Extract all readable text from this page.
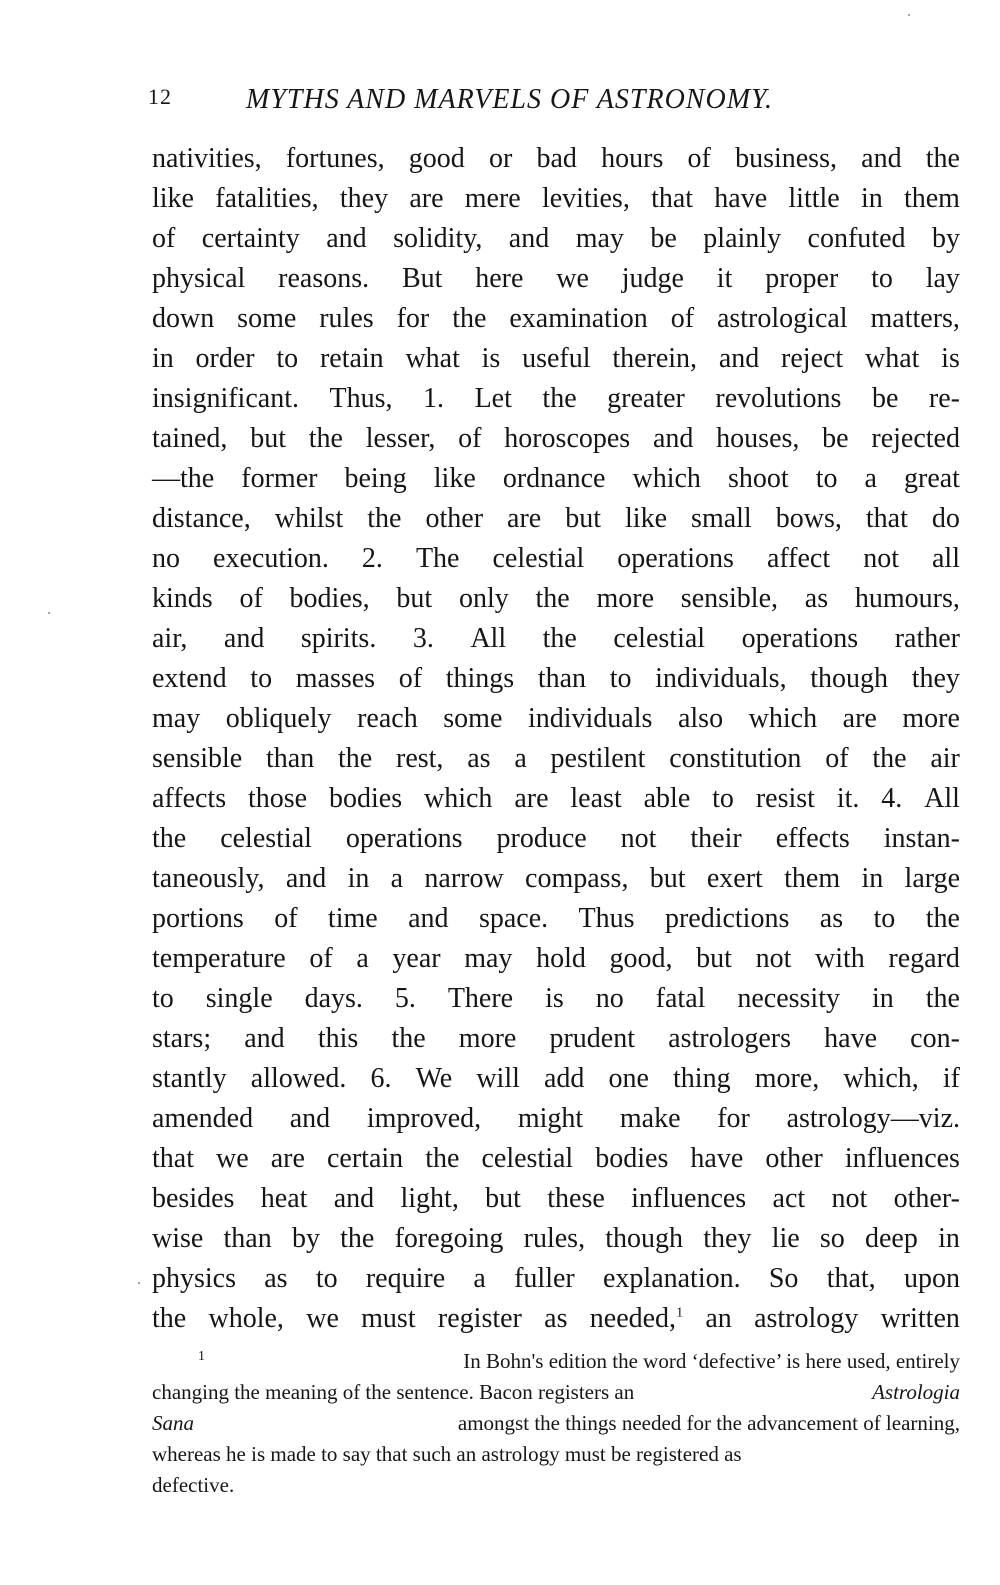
12	MYTHS AND MARVELS OF ASTRONOMY.
nativities, fortunes, good or bad hours of business, and the
like fatalities, they are mere levities, that have little in them
of certainty and solidity, and may be plainly confuted by
physical reasons. But here we judge it proper to lay
down some rules for the examination of astrological matters,
in order to retain what is useful therein, and reject what is
insignificant. Thus, 1. Let the greater revolutions be re-
tained, but the lesser, of horoscopes and houses, be rejected
—the former being like ordnance which shoot to a great
distance, whilst the other are but like small bows, that do
no execution. 2. The celestial operations affect not all
kinds of bodies, but only the more sensible, as humours,
air, and spirits. 3. All the celestial operations rather
extend to masses of things than to individuals, though they
may obliquely reach some individuals also which are more
sensible than the rest, as a pestilent constitution of the air
affects those bodies which are least able to resist it. 4. All
the celestial operations produce not their effects instan-
taneously, and in a narrow compass, but exert them in large
portions of time and space. Thus predictions as to the
temperature of a year may hold good, but not with regard
to single days. 5. There is no fatal necessity in the
stars; and this the more prudent astrologers have con-
stantly allowed. 6. We will add one thing more, which, if
amended and improved, might make for astrology—viz.
that we are certain the celestial bodies have other influences
besides heat and light, but these influences act not other-
wise than by the foregoing rules, though they lie so deep in
physics as to require a fuller explanation. So that, upon
the whole, we must register as needed,$^1$ an astrology written
$^1$	In Bohn's edition the word ‘defective’ is here used, entirely
changing the meaning of the sentence. Bacon registers an	Astrologia
Sana	amongst the things needed for the advancement of learning,
whereas he is made to say that such an astrology must be registered as
defective.
